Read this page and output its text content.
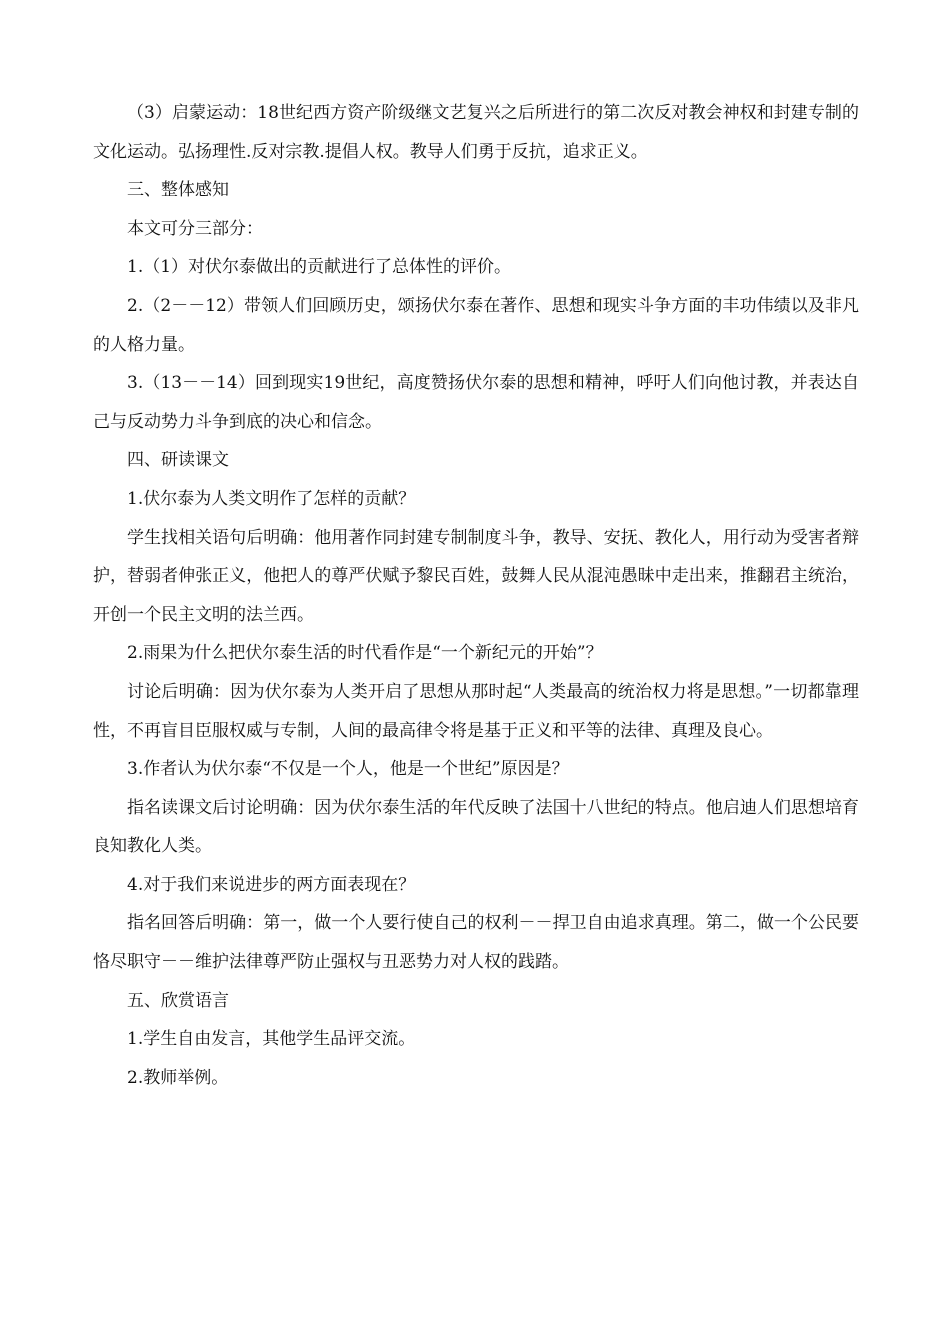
（3）启蒙运动：18世纪西方资产阶级继文艺复兴之后所进行的第二次反对教会神权和封建专制的文化运动。弘扬理性.反对宗教.提倡人权。教导人们勇于反抗，追求正义。

三、整体感知

本文可分三部分：

1.（1）对伏尔泰做出的贡献进行了总体性的评价。

2.（2－－12）带领人们回顾历史，颂扬伏尔泰在著作、思想和现实斗争方面的丰功伟绩以及非凡的人格力量。

3.（13－－14）回到现实19世纪，高度赞扬伏尔泰的思想和精神，呼吁人们向他讨教，并表达自己与反动势力斗争到底的决心和信念。

四、研读课文

1.伏尔泰为人类文明作了怎样的贡献？

学生找相关语句后明确：他用著作同封建专制制度斗争，教导、安抚、教化人，用行动为受害者辩护，替弱者伸张正义，他把人的尊严伏赋予黎民百姓，鼓舞人民从混沌愚昧中走出来，推翻君主统治，开创一个民主文明的法兰西。

2.雨果为什么把伏尔泰生活的时代看作是“一个新纪元的开始”？

讨论后明确：因为伏尔泰为人类开启了思想从那时起“人类最高的统治权力将是思想。”一切都靠理性，不再盲目臣服权威与专制，人间的最高律令将是基于正义和平等的法律、真理及良心。

3.作者认为伏尔泰“不仅是一个人，他是一个世纪”原因是？

指名读课文后讨论明确：因为伏尔泰生活的年代反映了法国十八世纪的特点。他启迪人们思想培育良知教化人类。

4.对于我们来说进步的两方面表现在？

指名回答后明确：第一，做一个人要行使自己的权利－－捍卫自由追求真理。第二，做一个公民要恪尽职守－－维护法律尊严防止强权与丑恶势力对人权的践踏。

五、欣赏语言

1.学生自由发言，其他学生品评交流。

2.教师举例。
